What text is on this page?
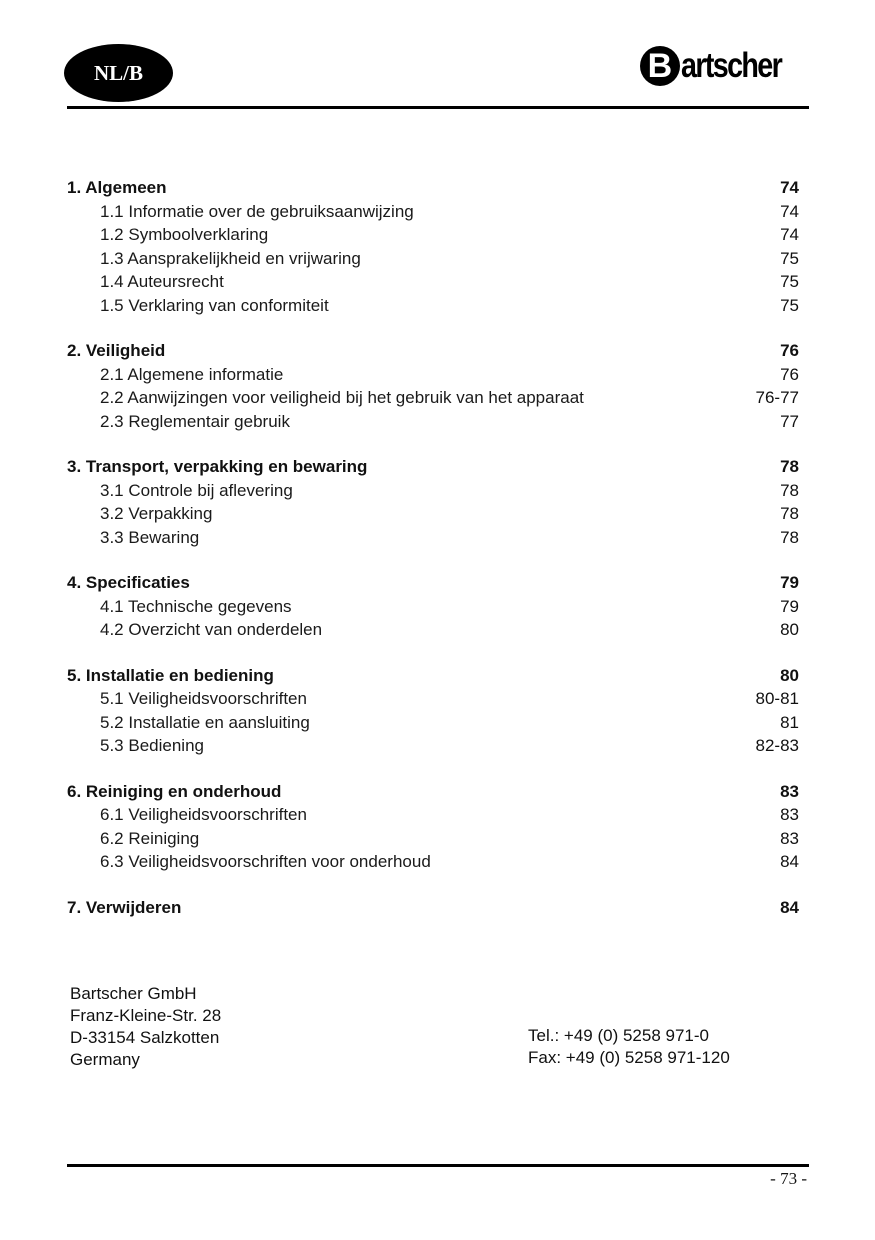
NL/B	B artscher
1. Algemeen	74
1.1 Informatie over de gebruiksaanwijzing	74
1.2 Symboolverklaring	74
1.3 Aansprakelijkheid en vrijwaring	75
1.4 Auteursrecht	75
1.5 Verklaring van conformiteit	75
2. Veiligheid	76
2.1 Algemene informatie	76
2.2 Aanwijzingen voor veiligheid bij het gebruik van het apparaat	76-77
2.3 Reglementair gebruik	77
3. Transport, verpakking en bewaring	78
3.1 Controle bij aflevering	78
3.2 Verpakking	78
3.3 Bewaring	78
4. Specificaties	79
4.1 Technische gegevens	79
4.2 Overzicht van onderdelen	80
5. Installatie en bediening	80
5.1 Veiligheidsvoorschriften	80-81
5.2 Installatie en aansluiting	81
5.3 Bediening	82-83
6. Reiniging en onderhoud	83
6.1 Veiligheidsvoorschriften	83
6.2 Reiniging	83
6.3 Veiligheidsvoorschriften voor onderhoud	84
7. Verwijderen	84
Bartscher GmbH
Franz-Kleine-Str. 28
D-33154 Salzkotten
Germany
Tel.: +49 (0) 5258 971-0
Fax: +49 (0) 5258 971-120
- 73 -
